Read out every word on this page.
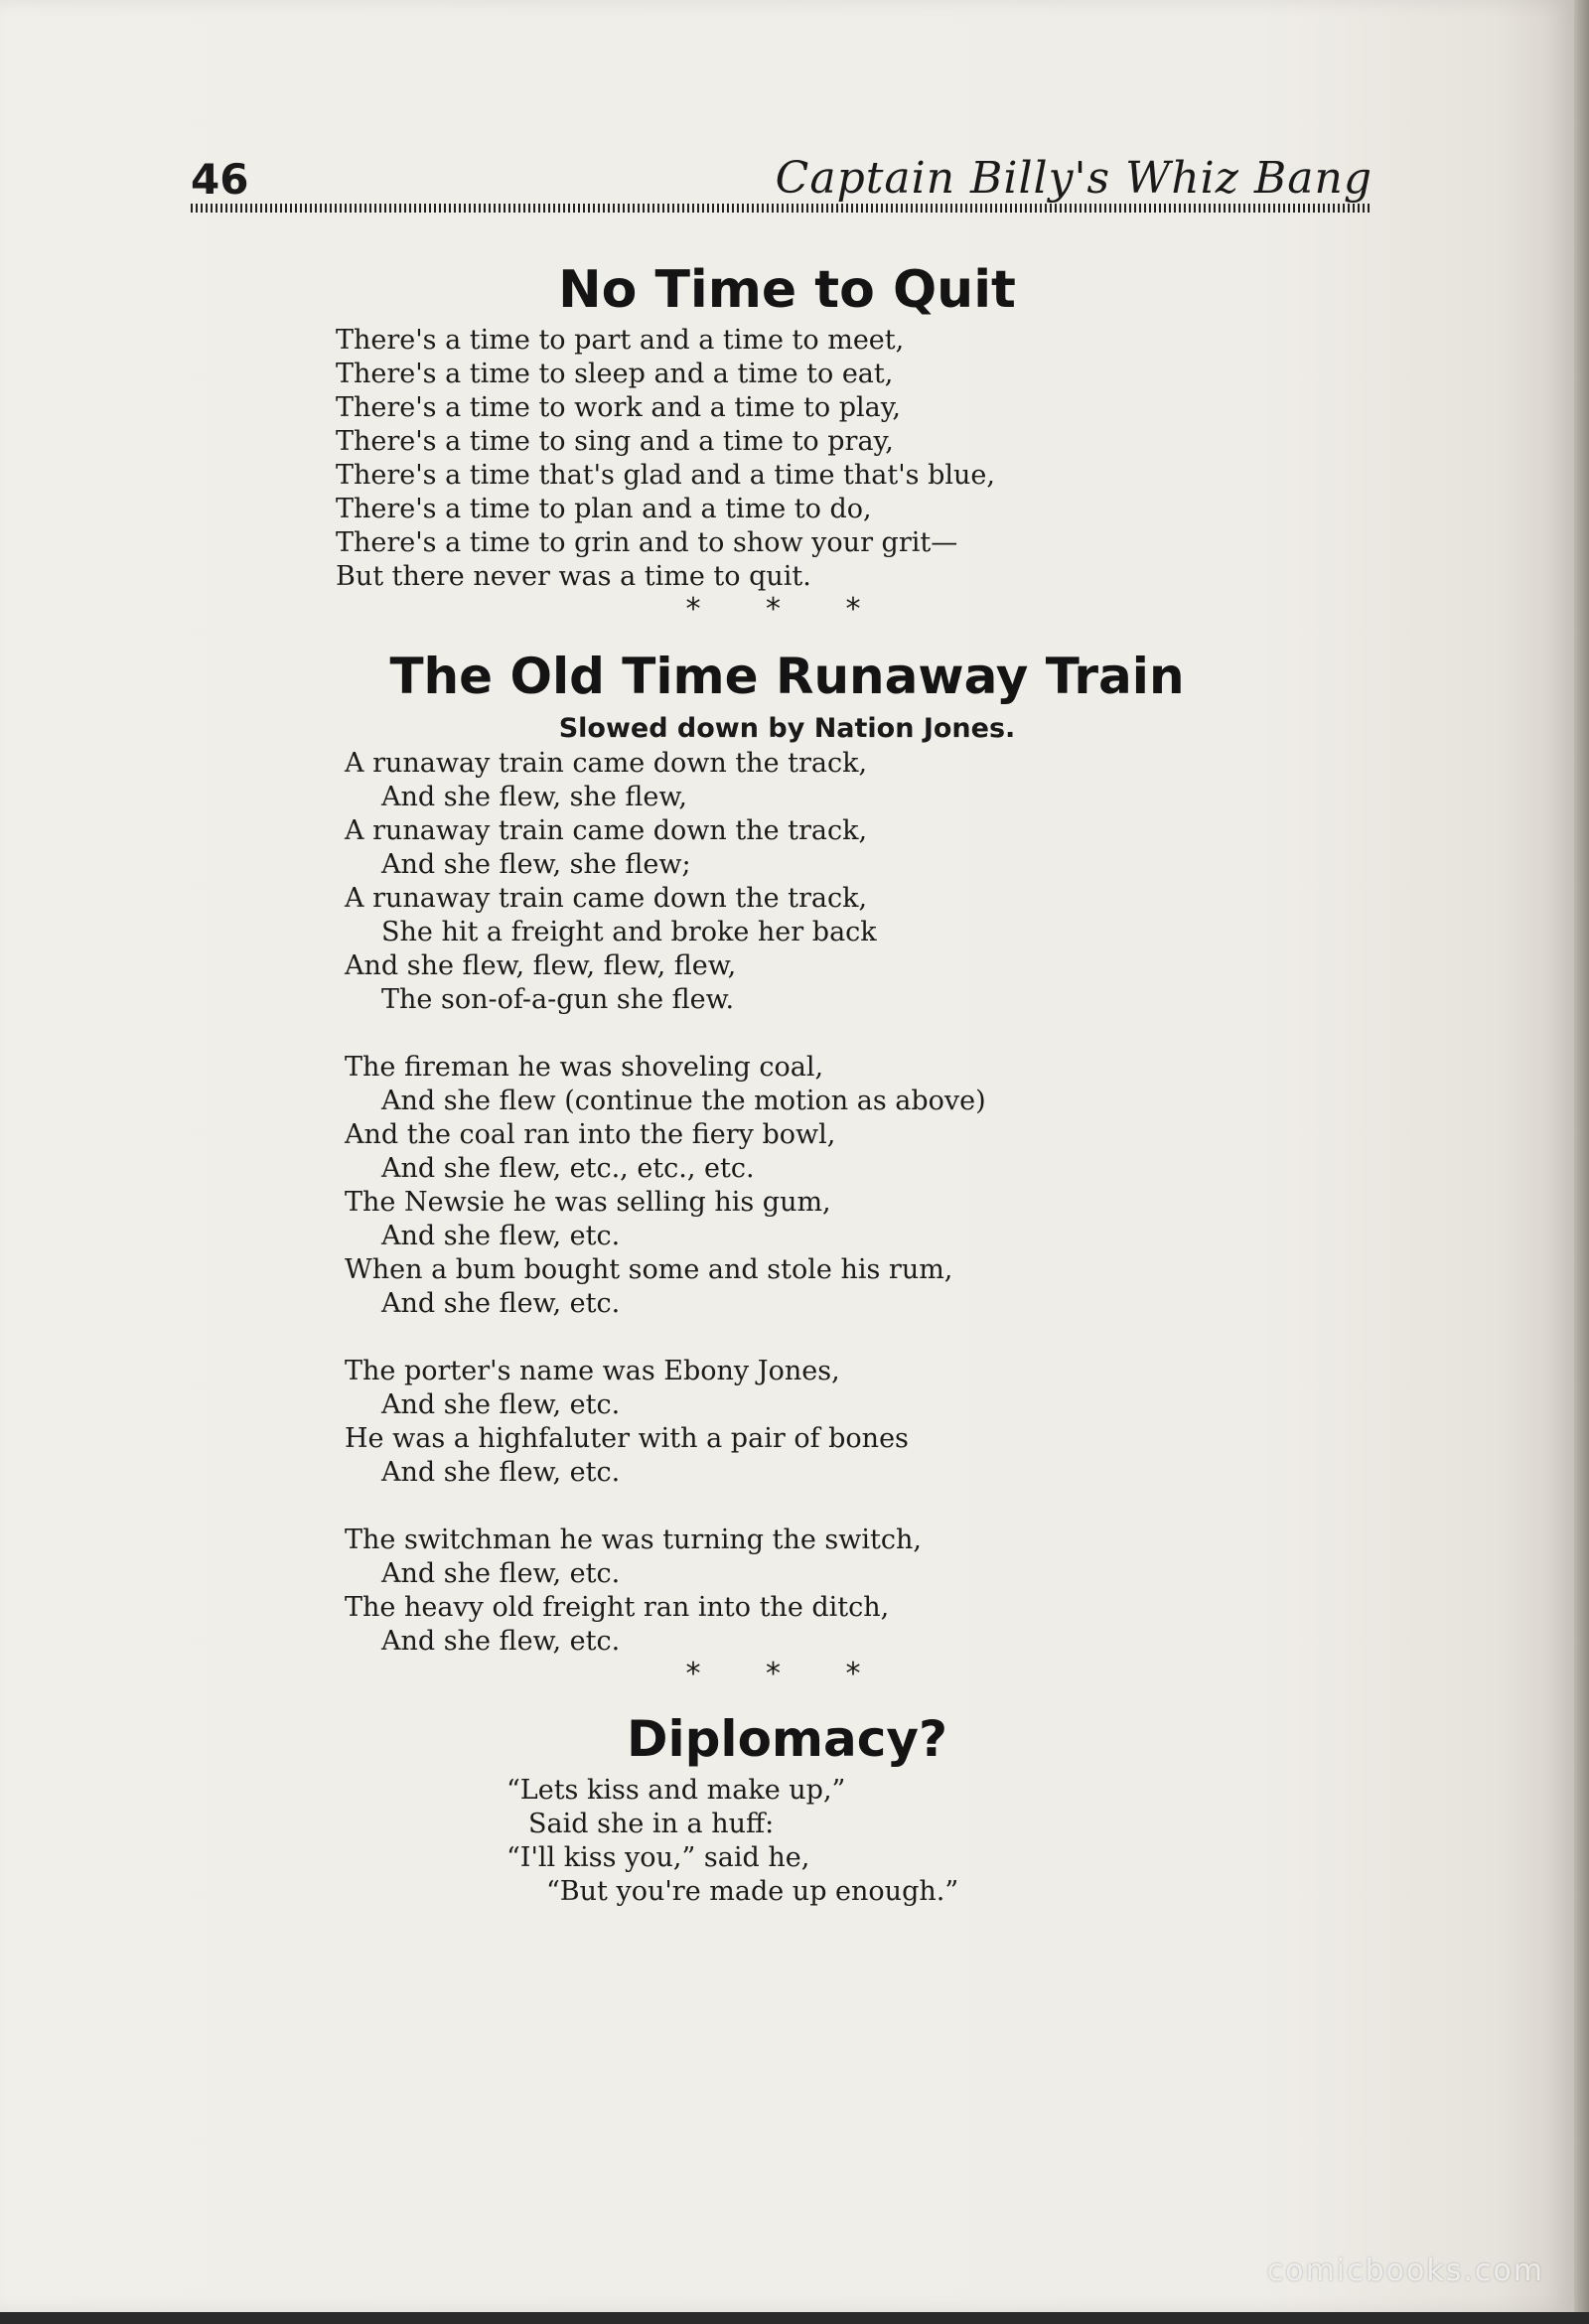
46	Captain Billy's Whiz Bang
No Time to Quit
There's a time to part and a time to meet,
There's a time to sleep and a time to eat,
There's a time to work and a time to play,
There's a time to sing and a time to pray,
There's a time that's glad and a time that's blue,
There's a time to plan and a time to do,
There's a time to grin and to show your grit—
But there never was a time to quit.
* * *
The Old Time Runaway Train

Slowed down by Nation Jones.

A runaway train came down the track,
And she flew, she flew,
A runaway train came down the track,
And she flew, she flew;
A runaway train came down the track,
She hit a freight and broke her back
And she flew, flew, flew, flew,
The son-of-a-gun she flew.
The fireman he was shoveling coal,
And she flew (continue the motion as above)
And the coal ran into the fiery bowl,
And she flew, etc., etc., etc.
The Newsie he was selling his gum,
And she flew, etc.
When a bum bought some and stole his rum,
And she flew, etc.
The porter's name was Ebony Jones,
And she flew, etc.
He was a highfaluter with a pair of bones
And she flew, etc.
The switchman he was turning the switch,
And she flew, etc.
The heavy old freight ran into the ditch,
And she flew, etc.
* * *
Diplomacy?
“Lets kiss and make up,”
Said she in a huff:
“I'll kiss you,” said he,
“But you're made up enough.”
comicbooks.com
